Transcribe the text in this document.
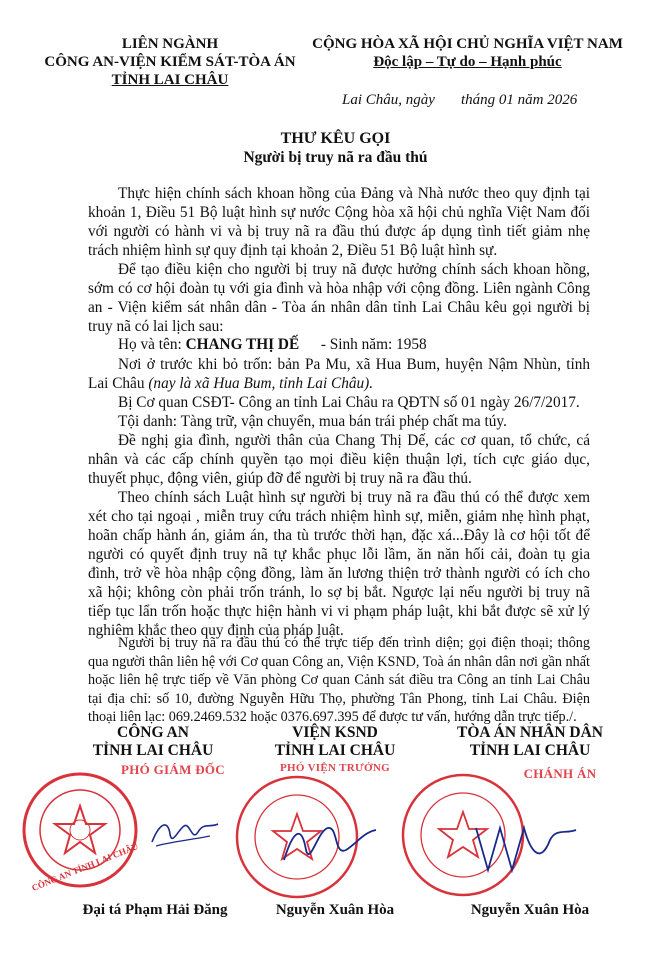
LIÊN NGÀNH
CÔNG AN-VIỆN KIỂM SÁT-TÒA ÁN
TỈNH LAI CHÂU
CỘNG HÒA XÃ HỘI CHỦ NGHĨA VIỆT NAM
Độc lập – Tự do – Hạnh phúc
Lai Châu, ngày tháng 01 năm 2026
THƯ KÊU GỌI
Người bị truy nã ra đầu thú

Thực hiện chính sách khoan hồng của Đảng và Nhà nước theo quy định tại khoản 1, Điều 51 Bộ luật hình sự nước Cộng hòa xã hội chủ nghĩa Việt Nam đối với người có hành vi và bị truy nã ra đầu thú được áp dụng tình tiết giảm nhẹ trách nhiệm hình sự quy định tại khoản 2, Điều 51 Bộ luật hình sự.

Để tạo điều kiện cho người bị truy nã được hưởng chính sách khoan hồng, sớm có cơ hội đoàn tụ với gia đình và hòa nhập với cộng đồng. Liên ngành Công an - Viện kiểm sát nhân dân - Tòa án nhân dân tỉnh Lai Châu kêu gọi người bị truy nã có lai lịch sau:

Họ và tên: CHANG THỊ DẾ - Sinh năm: 1958

Nơi ở trước khi bỏ trốn: bản Pa Mu, xã Hua Bum, huyện Nậm Nhùn, tỉnh Lai Châu (nay là xã Hua Bum, tỉnh Lai Châu).

Bị Cơ quan CSĐT- Công an tỉnh Lai Châu ra QĐTN số 01 ngày 26/7/2017.

Tội danh: Tàng trữ, vận chuyển, mua bán trái phép chất ma túy.

Đề nghị gia đình, người thân của Chang Thị Dế, các cơ quan, tổ chức, cá nhân và các cấp chính quyền tạo mọi điều kiện thuận lợi, tích cực giáo dục, thuyết phục, động viên, giúp đỡ để người bị truy nã ra đầu thú.

Theo chính sách Luật hình sự người bị truy nã ra đầu thú có thể được xem xét cho tại ngoại , miễn truy cứu trách nhiệm hình sự, miễn, giảm nhẹ hình phạt, hoãn chấp hành án, giảm án, tha tù trước thời hạn, đặc xá...Đây là cơ hội tốt để người có quyết định truy nã tự khắc phục lỗi lầm, ăn năn hối cải, đoàn tụ gia đình, trở về hòa nhập cộng đồng, làm ăn lương thiện trở thành người có ích cho xã hội; không còn phải trốn tránh, lo sợ bị bắt. Ngược lại nếu người bị truy nã tiếp tục lẩn trốn hoặc thực hiện hành vi vi phạm pháp luật, khi bắt được sẽ xử lý nghiêm khắc theo quy định của pháp luật.

Người bị truy nã ra đầu thú có thể trực tiếp đến trình diện; gọi điện thoại; thông qua người thân liên hệ với Cơ quan Công an, Viện KSND, Toà án nhân dân nơi gần nhất hoặc liên hệ trực tiếp về Văn phòng Cơ quan Cảnh sát điều tra Công an tỉnh Lai Châu tại địa chỉ: số 10, đường Nguyễn Hữu Thọ, phường Tân Phong, tỉnh Lai Châu. Điện thoại liên lạc: 069.2469.532 hoặc 0376.697.395 để được tư vấn, hướng dẫn trực tiếp./.

CÔNG AN
TỈNH LAI CHÂU
PHÓ GIÁM ĐỐC
CÔNG AN TỈNH LAI CHÂU
Đại tá Phạm Hải Đăng
VIỆN KSND
TỈNH LAI CHÂU
PHÓ VIỆN TRƯỞNG
Nguyễn Xuân Hòa
TÒA ÁN NHÂN DÂN
TỈNH LAI CHÂU
CHÁNH ÁN
Nguyễn Xuân Hòa
